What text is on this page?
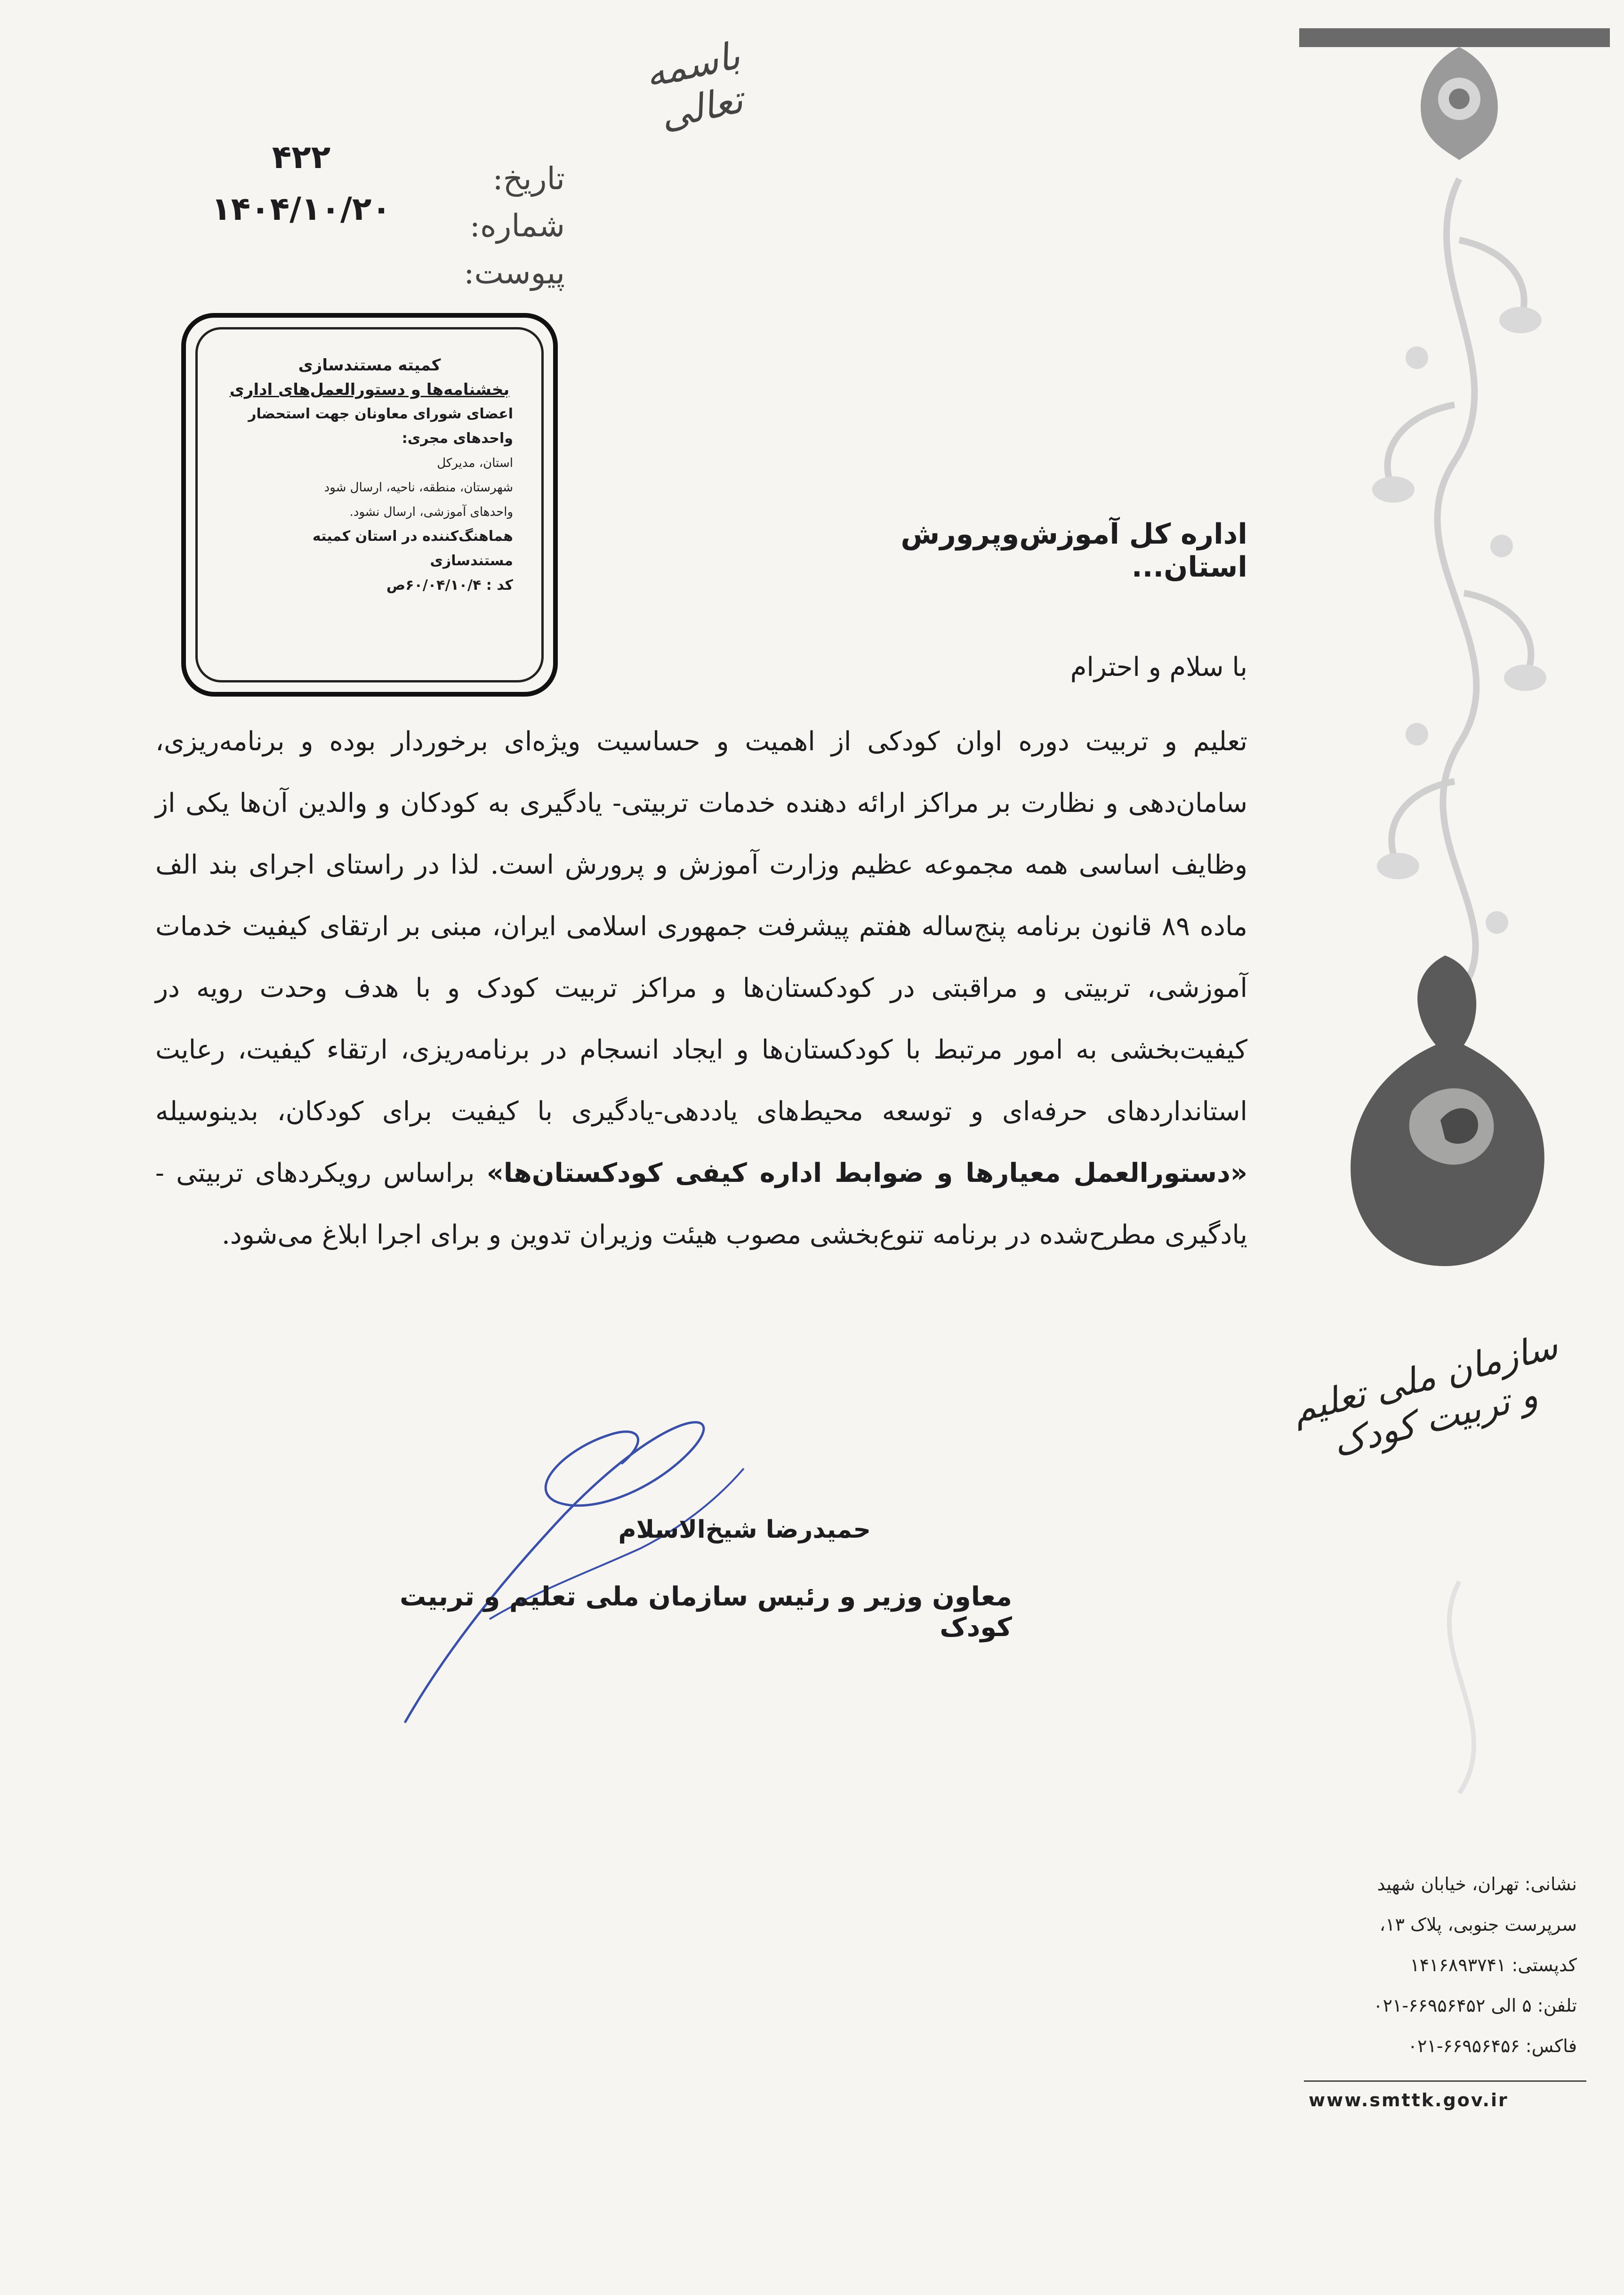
سازمان ملی تعلیم و تربیت کودک
باسمه تعالی
تاریخ:
شماره:
پیوست:
۴۲۲
۱۴۰۴/۱۰/۲۰
کمیته مستندسازی
بخشنامه‌ها و دستورالعمل‌های اداری
اعضای شورای معاونان جهت استحضار
واحدهای مجری:
استان، مدیرکل
شهرستان، منطقه، ناحیه، ارسال شود
واحدهای آموزشی، ارسال نشود.
هماهنگ‌کننده در استان کمیته مستندسازی
کد : ۶۰/۰۴/۱۰/۴ص
اداره کل آموزش‌وپرورش استان...
با سلام و احترام
تعلیم و تربیت دوره اوان کودکی از اهمیت و حساسیت ویژه‌ای برخوردار بوده و برنامه‌ریزی، سامان‌دهی و نظارت بر مراکز ارائه دهنده خدمات تربیتی- یادگیری به کودکان و والدین آن‌ها یکی از وظایف اساسی همه مجموعه عظیم وزارت آموزش و پرورش است. لذا در راستای اجرای بند الف ماده ۸۹ قانون برنامه پنج‌ساله هفتم پیشرفت جمهوری اسلامی ایران، مبنی بر ارتقای کیفیت خدمات آموزشی، تربیتی و مراقبتی در کودکستان‌ها و مراکز تربیت کودک و با هدف وحدت رویه در کیفیت‌بخشی به امور مرتبط با کودکستان‌ها و ایجاد انسجام در برنامه‌ریزی، ارتقاء کیفیت، رعایت استانداردهای حرفه‌ای و توسعه محیط‌های یاددهی-یادگیری با کیفیت برای کودکان، بدینوسیله «دستورالعمل معیارها و ضوابط اداره کیفی کودکستان‌ها» براساس رویکردهای تربیتی - یادگیری مطرح‌شده در برنامه تنوع‌بخشی مصوب هیئت وزیران تدوین و برای اجرا ابلاغ می‌شود.
حمیدرضا شیخ‌الاسلام
معاون وزیر و رئیس سازمان ملی تعلیم و تربیت کودک
نشانی: تهران، خیابان شهید
سرپرست جنوبی، پلاک ۱۳،
کدپستی: ۱۴۱۶۸۹۳۷۴۱
تلفن: ۵ الی ۶۶۹۵۶۴۵۲-۰۲۱
فاکس: ۶۶۹۵۶۴۵۶-۰۲۱
www.smttk.gov.ir
